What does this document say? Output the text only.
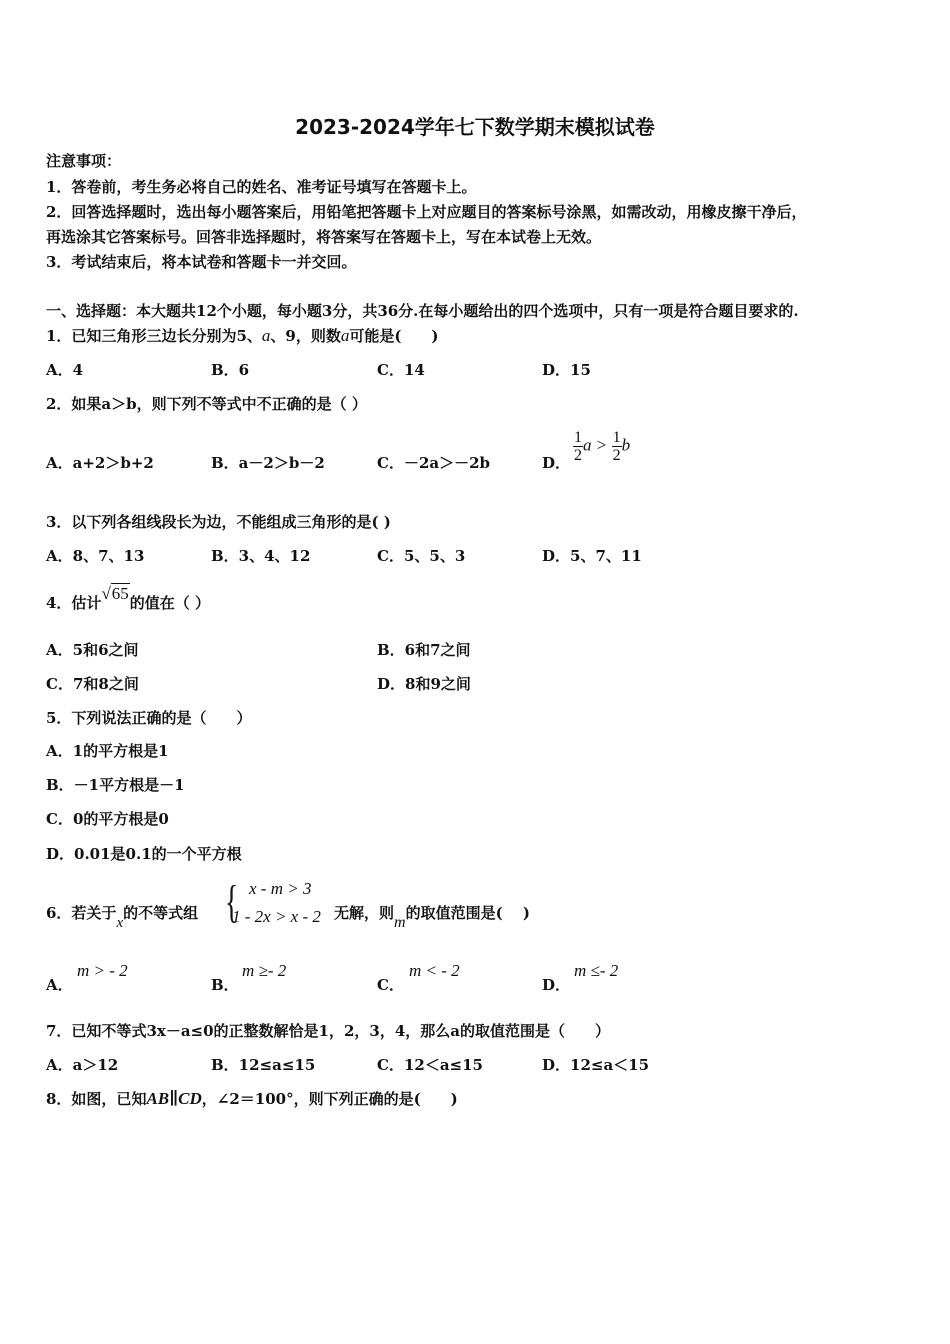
2023-2024学年七下数学期末模拟试卷
注意事项：
1．答卷前，考生务必将自己的姓名、准考证号填写在答题卡上。
2．回答选择题时，选出每小题答案后，用铅笔把答题卡上对应题目的答案标号涂黑，如需改动，用橡皮擦干净后，
再选涂其它答案标号。回答非选择题时，将答案写在答题卡上，写在本试卷上无效。
3．考试结束后，将本试卷和答题卡一并交回。
一、选择题：本大题共12个小题，每小题3分，共36分.在每小题给出的四个选项中，只有一项是符合题目要求的.
1．已知三角形三边长分别为5、a、9，则数a可能是(　　)
A．4	B．6	C．14	D．15
2．如果a＞b，则下列不等式中不正确的是（ ）
A．a+2＞b+2	B．a－2＞b－2	C．－2a＞－2b	D． $\frac{1}{2}$ $a > \frac{1}{2}$ b
3．以下列各组线段长为边，不能组成三角形的是( )
A．8、7、13	B．3、4、12	C．5、5、3	D．5、7、11
4．估计√65的值在（ ）
A．5和6之间	B．6和7之间
C．7和8之间	D．8和9之间
5．下列说法正确的是（　　）
A．1的平方根是1
B．－1平方根是－1
C．0的平方根是0
D．0.01是0.1的一个平方根
6．若关于x的不等式组 { x - m > 3
1 - 2x > x - 2 无解，则m的取值范围是(　 )
A．
m > - 2
B．
m ≥- 2
C．
m < - 2
D．
m ≤- 2
7．已知不等式3x－a≤0的正整数解恰是1，2，3，4，那么a的取值范围是（　　）
A．a＞12	B．12≤a≤15	C．12＜a≤15	D．12≤a＜15
8．如图，已知AB∥CD，∠2＝100°，则下列正确的是(　　)
